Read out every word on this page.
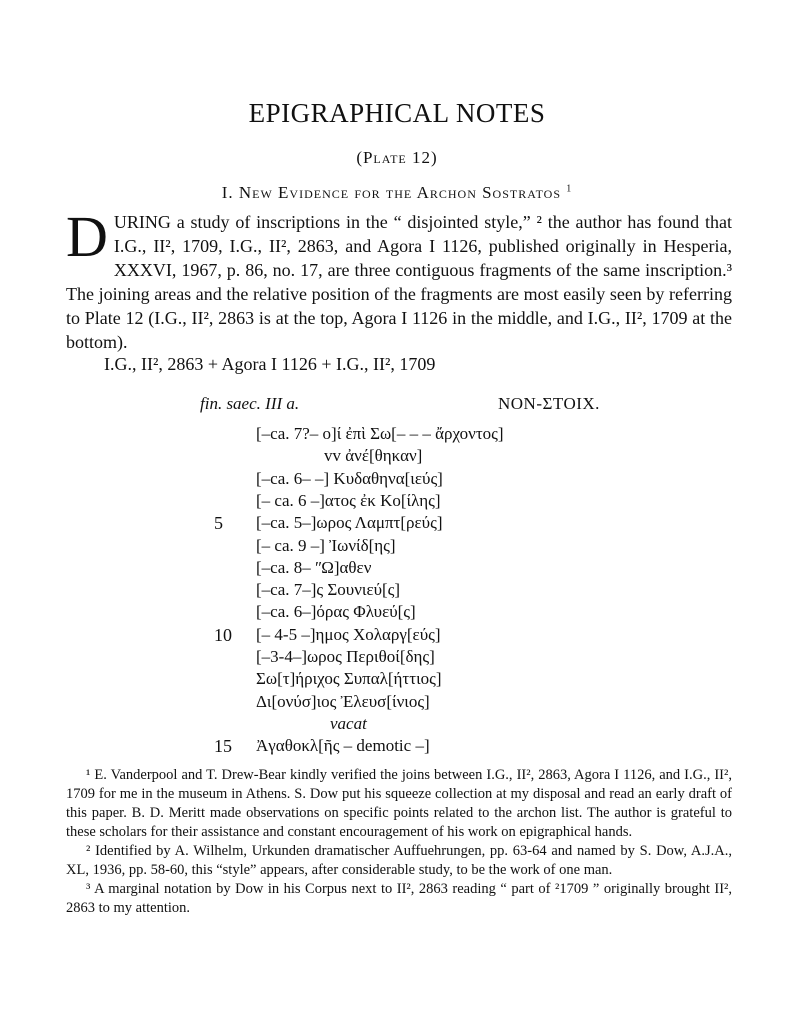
EPIGRAPHICAL NOTES
(Plate 12)
I. New Evidence for the Archon Sostratos $^1$
D URING a study of inscriptions in the “ disjointed style,” ² the author has found that I.G., II², 1709, I.G., II², 2863, and Agora I 1126, published originally in Hesperia, XXXVI, 1967, p. 86, no. 17, are three contiguous fragments of the same inscription.³ The joining areas and the relative position of the fragments are most easily seen by referring to Plate 12 (I.G., II², 2863 is at the top, Agora I 1126 in the middle, and I.G., II², 1709 at the bottom).
I.G., II², 2863 + Agora I 1126 + I.G., II², 1709
fin. saec. III a.	NON-ΣΤΟΙΧ.
[–ca. 7?– ο]ί ἐπὶ Σω[– – – ἄρχοντος]
vv ἀνέ[θηκαν]
[–ca. 6– –] Κυδαθηνα[ιεύς]
[– ca. 6 –]ατος ἐκ Κο[ίλης]
5 [–ca. 5–]ωρος Λαμπτ[ρεύς]
[– ca. 9 –] Ἰωνίδ[ης]
[–ca. 8– ʺΩ]αθεν
[–ca. 7–]ς Σουνιεύ[ς]
[–ca. 6–]όρας Φλυεύ[ς]
10 [– 4-5 –]ημος Χολαργ[εύς]
[–3-4–]ωρος Περιθοί[δης]
Σω[τ]ήριχος Συπαλ[ήττιος]
Δι[ονύσ]ιος Ἐλευσ[ίνιος]
vacat
15 Ἀγαθοκλ[ῆς – demotic –]

¹ E. Vanderpool and T. Drew-Bear kindly verified the joins between I.G., II², 2863, Agora I 1126, and I.G., II², 1709 for me in the museum in Athens. S. Dow put his squeeze collection at my disposal and read an early draft of this paper. B. D. Meritt made observations on specific points related to the archon list. The author is grateful to these scholars for their assistance and constant encouragement of his work on epigraphical hands.

² Identified by A. Wilhelm, Urkunden dramatischer Auffuehrungen, pp. 63-64 and named by S. Dow, A.J.A., XL, 1936, pp. 58-60, this “style” appears, after considerable study, to be the work of one man.

³ A marginal notation by Dow in his Corpus next to II², 2863 reading “ part of ²1709 ” originally brought II², 2863 to my attention.
